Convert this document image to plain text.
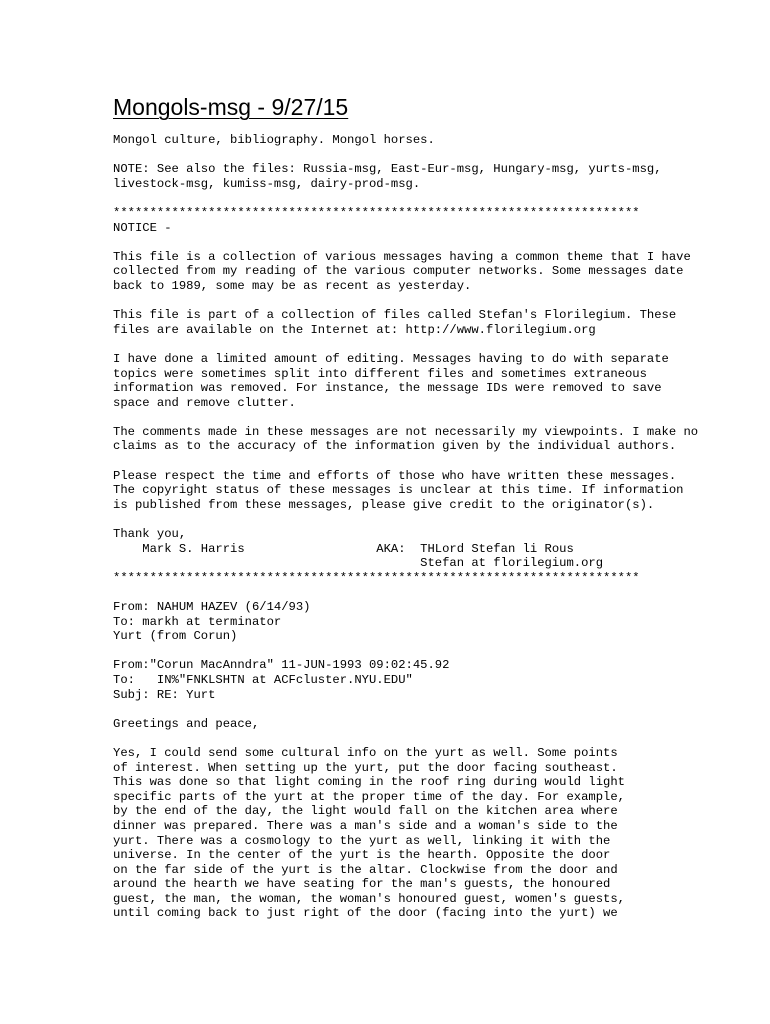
Mongols-msg - 9/27/15
Mongol culture, bibliography. Mongol horses.

NOTE: See also the files: Russia-msg, East-Eur-msg, Hungary-msg, yurts-msg,
livestock-msg, kumiss-msg, dairy-prod-msg.

************************************************************************
NOTICE -

This file is a collection of various messages having a common theme that I have
collected from my reading of the various computer networks. Some messages date
back to 1989, some may be as recent as yesterday.

This file is part of a collection of files called Stefan's Florilegium. These
files are available on the Internet at: http://www.florilegium.org

I have done a limited amount of editing. Messages having to do with separate
topics were sometimes split into different files and sometimes extraneous
information was removed. For instance, the message IDs were removed to save
space and remove clutter.

The comments made in these messages are not necessarily my viewpoints. I make no
claims as to the accuracy of the information given by the individual authors.

Please respect the time and efforts of those who have written these messages.
The copyright status of these messages is unclear at this time. If information
is published from these messages, please give credit to the originator(s).

Thank you,
Mark S. Harris                  AKA:  THLord Stefan li Rous
Stefan at florilegium.org
************************************************************************

From: NAHUM HAZEV (6/14/93)
To: markh at terminator
Yurt (from Corun)

From:"Corun MacAnndra" 11-JUN-1993 09:02:45.92
To:   IN%"FNKLSHTN at ACFcluster.NYU.EDU"
Subj: RE: Yurt

Greetings and peace,

Yes, I could send some cultural info on the yurt as well. Some points
of interest. When setting up the yurt, put the door facing southeast.
This was done so that light coming in the roof ring during would light
specific parts of the yurt at the proper time of the day. For example,
by the end of the day, the light would fall on the kitchen area where
dinner was prepared. There was a man's side and a woman's side to the
yurt. There was a cosmology to the yurt as well, linking it with the
universe. In the center of the yurt is the hearth. Opposite the door
on the far side of the yurt is the altar. Clockwise from the door and
around the hearth we have seating for the man's guests, the honoured
guest, the man, the woman, the woman's honoured guest, women's guests,
until coming back to just right of the door (facing into the yurt) we
